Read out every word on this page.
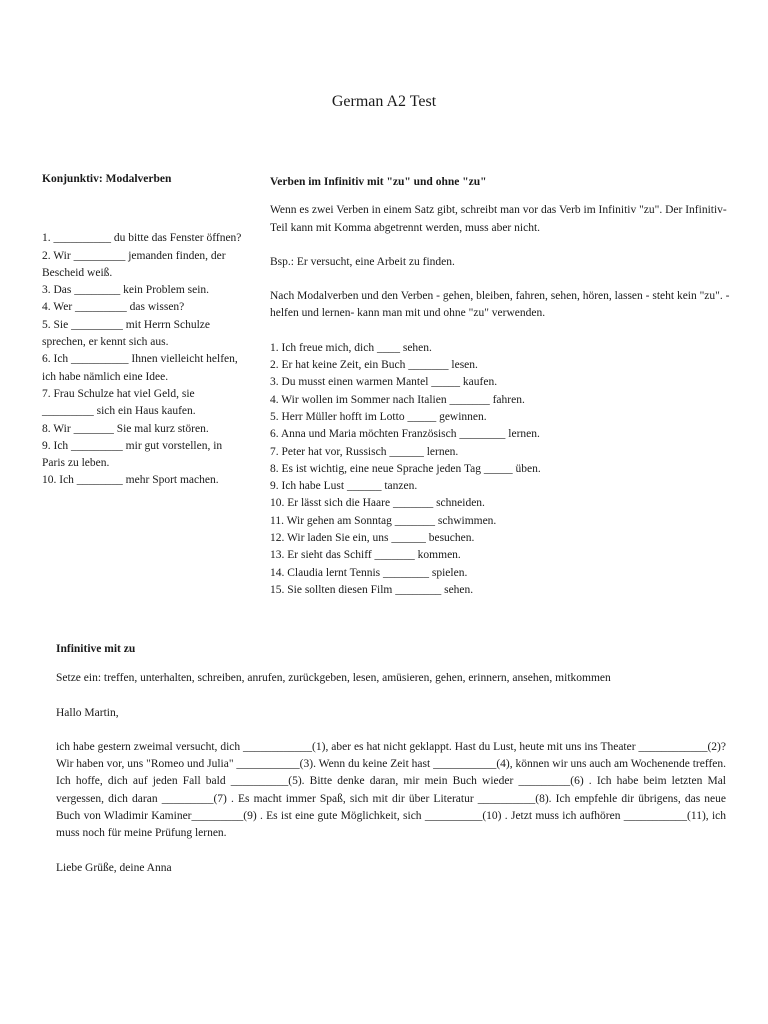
German A2 Test
Konjunktiv: Modalverben
1. __________ du bitte das Fenster öffnen?
2. Wir _________ jemanden finden, der Bescheid weiß.
3. Das ________ kein Problem sein.
4. Wer _________ das wissen?
5. Sie _________ mit Herrn Schulze sprechen, er kennt sich aus.
6. Ich __________ Ihnen vielleicht helfen, ich habe nämlich eine Idee.
7. Frau Schulze hat viel Geld, sie _________ sich ein Haus kaufen.
8. Wir _______ Sie mal kurz stören.
9. Ich _________ mir gut vorstellen, in Paris zu leben.
10. Ich ________ mehr Sport machen.
Verben im Infinitiv mit "zu" und ohne "zu"

Wenn es zwei Verben in einem Satz gibt, schreibt man vor das Verb im Infinitiv "zu". Der Infinitiv-Teil kann mit Komma abgetrennt werden, muss aber nicht.

Bsp.: Er versucht, eine Arbeit zu finden.

Nach Modalverben und den Verben - gehen, bleiben, fahren, sehen, hören, lassen - steht kein "zu". - helfen und lernen- kann man mit und ohne "zu" verwenden.

1. Ich freue mich, dich ____ sehen.
2. Er hat keine Zeit, ein Buch _______ lesen.
3. Du musst einen warmen Mantel _____ kaufen.
4. Wir wollen im Sommer nach Italien _______ fahren.
5. Herr Müller hofft im Lotto _____ gewinnen.
6. Anna und Maria möchten Französisch ________ lernen.
7. Peter hat vor, Russisch ______ lernen.
8. Es ist wichtig, eine neue Sprache jeden Tag _____ üben.
9. Ich habe Lust ______ tanzen.
10. Er lässt sich die Haare _______ schneiden.
11. Wir gehen am Sonntag _______ schwimmen.
12. Wir laden Sie ein, uns ______ besuchen.
13. Er sieht das Schiff _______ kommen.
14. Claudia lernt Tennis ________ spielen.
15. Sie sollten diesen Film ________ sehen.
Infinitive mit zu

Setze ein: treffen, unterhalten, schreiben, anrufen, zurückgeben, lesen, amüsieren, gehen, erinnern, ansehen, mitkommen

Hallo Martin,

ich habe gestern zweimal versucht, dich ____________(1), aber es hat nicht geklappt. Hast du Lust, heute mit uns ins Theater ____________(2)? Wir haben vor, uns "Romeo und Julia" ___________(3). Wenn du keine Zeit hast ___________(4), können wir uns auch am Wochenende treffen. Ich hoffe, dich auf jeden Fall bald __________(5). Bitte denke daran, mir mein Buch wieder _________(6) . Ich habe beim letzten Mal vergessen, dich daran _________(7) . Es macht immer Spaß, sich mit dir über Literatur __________(8). Ich empfehle dir übrigens, das neue Buch von Wladimir Kaminer_________(9) . Es ist eine gute Möglichkeit, sich __________(10) . Jetzt muss ich aufhören ___________(11), ich muss noch für meine Prüfung lernen.

Liebe Grüße, deine Anna
